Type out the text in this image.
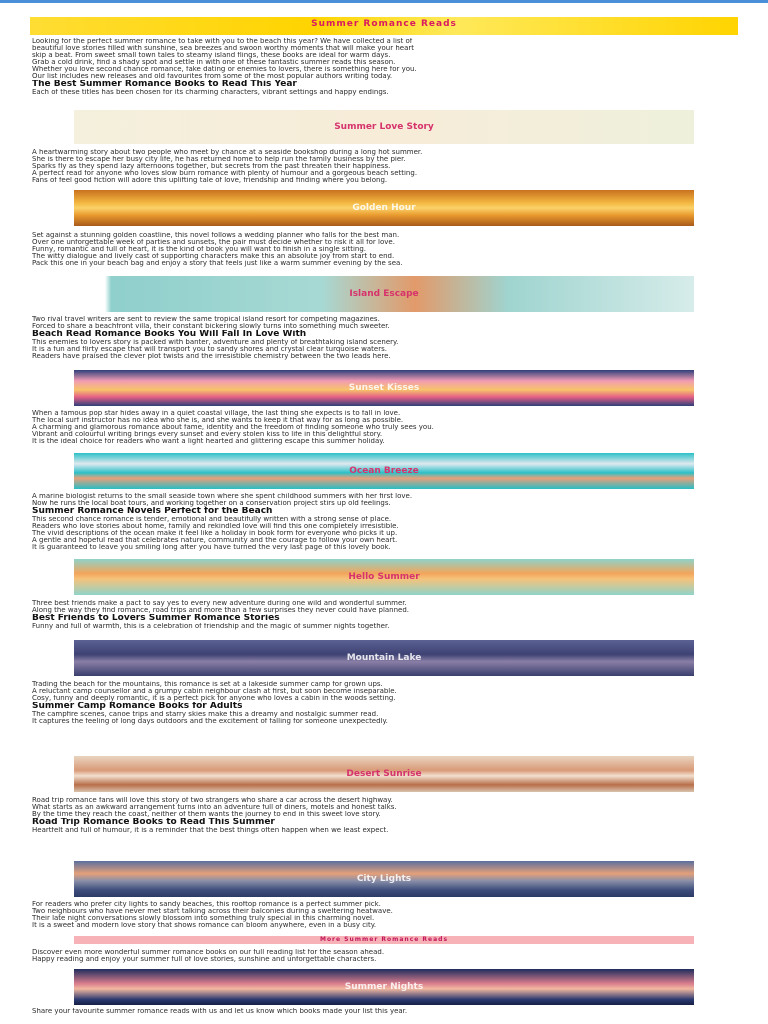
Summer Romance Reads
Looking for the perfect summer romance to take with you to the beach this year? We have collected a list of
beautiful love stories filled with sunshine, sea breezes and swoon worthy moments that will make your heart
skip a beat. From sweet small town tales to steamy island flings, these books are ideal for warm days.
Grab a cold drink, find a shady spot and settle in with one of these fantastic summer reads this season.
Whether you love second chance romance, fake dating or enemies to lovers, there is something here for you.
Our list includes new releases and old favourites from some of the most popular authors writing today.
The Best Summer Romance Books to Read This Year
Each of these titles has been chosen for its charming characters, vibrant settings and happy endings.
Summer Love Story
A heartwarming story about two people who meet by chance at a seaside bookshop during a long hot summer.
She is there to escape her busy city life, he has returned home to help run the family business by the pier.
Sparks fly as they spend lazy afternoons together, but secrets from the past threaten their happiness.
A perfect read for anyone who loves slow burn romance with plenty of humour and a gorgeous beach setting.
Fans of feel good fiction will adore this uplifting tale of love, friendship and finding where you belong.
Golden Hour
Set against a stunning golden coastline, this novel follows a wedding planner who falls for the best man.
Over one unforgettable week of parties and sunsets, the pair must decide whether to risk it all for love.
Funny, romantic and full of heart, it is the kind of book you will want to finish in a single sitting.
The witty dialogue and lively cast of supporting characters make this an absolute joy from start to end.
Pack this one in your beach bag and enjoy a story that feels just like a warm summer evening by the sea.
Island Escape
Two rival travel writers are sent to review the same tropical island resort for competing magazines.
Forced to share a beachfront villa, their constant bickering slowly turns into something much sweeter.
Beach Read Romance Books You Will Fall In Love With
This enemies to lovers story is packed with banter, adventure and plenty of breathtaking island scenery.
It is a fun and flirty escape that will transport you to sandy shores and crystal clear turquoise waters.
Readers have praised the clever plot twists and the irresistible chemistry between the two leads here.
Sunset Kisses
When a famous pop star hides away in a quiet coastal village, the last thing she expects is to fall in love.
The local surf instructor has no idea who she is, and she wants to keep it that way for as long as possible.
A charming and glamorous romance about fame, identity and the freedom of finding someone who truly sees you.
Vibrant and colourful writing brings every sunset and every stolen kiss to life in this delightful story.
It is the ideal choice for readers who want a light hearted and glittering escape this summer holiday.
Ocean Breeze
A marine biologist returns to the small seaside town where she spent childhood summers with her first love.
Now he runs the local boat tours, and working together on a conservation project stirs up old feelings.
Summer Romance Novels Perfect for the Beach
This second chance romance is tender, emotional and beautifully written with a strong sense of place.
Readers who love stories about home, family and rekindled love will find this one completely irresistible.
The vivid descriptions of the ocean make it feel like a holiday in book form for everyone who picks it up.
A gentle and hopeful read that celebrates nature, community and the courage to follow your own heart.
It is guaranteed to leave you smiling long after you have turned the very last page of this lovely book.
Hello Summer
Three best friends make a pact to say yes to every new adventure during one wild and wonderful summer.
Along the way they find romance, road trips and more than a few surprises they never could have planned.
Best Friends to Lovers Summer Romance Stories
Funny and full of warmth, this is a celebration of friendship and the magic of summer nights together.
Mountain Lake
Trading the beach for the mountains, this romance is set at a lakeside summer camp for grown ups.
A reluctant camp counsellor and a grumpy cabin neighbour clash at first, but soon become inseparable.
Cosy, funny and deeply romantic, it is a perfect pick for anyone who loves a cabin in the woods setting.
Summer Camp Romance Books for Adults
The campfire scenes, canoe trips and starry skies make this a dreamy and nostalgic summer read.
It captures the feeling of long days outdoors and the excitement of falling for someone unexpectedly.
Desert Sunrise
Road trip romance fans will love this story of two strangers who share a car across the desert highway.
What starts as an awkward arrangement turns into an adventure full of diners, motels and honest talks.
By the time they reach the coast, neither of them wants the journey to end in this sweet love story.
Road Trip Romance Books to Read This Summer
Heartfelt and full of humour, it is a reminder that the best things often happen when we least expect.
City Lights
For readers who prefer city lights to sandy beaches, this rooftop romance is a perfect summer pick.
Two neighbours who have never met start talking across their balconies during a sweltering heatwave.
Their late night conversations slowly blossom into something truly special in this charming novel.
It is a sweet and modern love story that shows romance can bloom anywhere, even in a busy city.
More Summer Romance Reads
Discover even more wonderful summer romance books on our full reading list for the season ahead.
Happy reading and enjoy your summer full of love stories, sunshine and unforgettable characters.
Summer Nights
Share your favourite summer romance reads with us and let us know which books made your list this year.
